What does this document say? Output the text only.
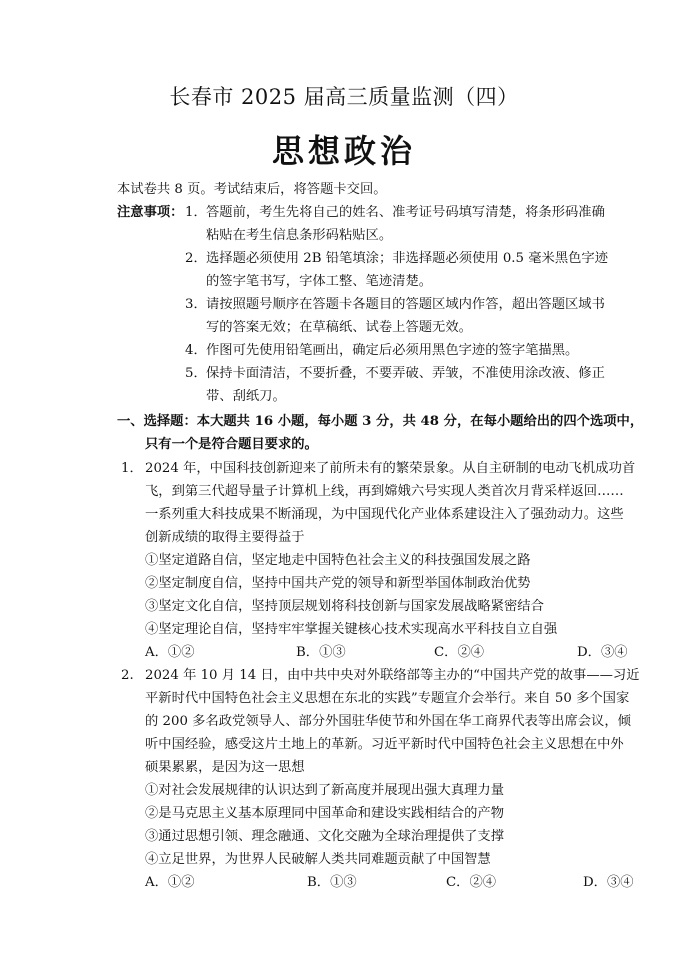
长春市 2025 届高三质量监测（四）
思想政治
本试卷共 8 页。考试结束后，将答题卡交回。
注意事项： 1． 答题前，考生先将自己的姓名、准考证号码填写清楚，将条形码准确
粘贴在考生信息条形码粘贴区。
2． 选择题必须使用 2B 铅笔填涂；非选择题必须使用 0.5 毫米黑色字迹
的签字笔书写，字体工整、笔迹清楚。
3． 请按照题号顺序在答题卡各题目的答题区域内作答，超出答题区域书
写的答案无效；在草稿纸、试卷上答题无效。
4． 作图可先使用铅笔画出，确定后必须用黑色字迹的签字笔描黑。
5． 保持卡面清洁，不要折叠，不要弄破、弄皱，不准使用涂改液、修正
带、刮纸刀。
一、选择题：本大题共 16 小题，每小题 3 分，共 48 分，在每小题给出的四个选项中，
只有一个是符合题目要求的。
1． 2024 年，中国科技创新迎来了前所未有的繁荣景象。从自主研制的电动飞机成功首
飞，到第三代超导量子计算机上线，再到嫦娥六号实现人类首次月背采样返回……
一系列重大科技成果不断涌现，为中国现代化产业体系建设注入了强劲动力。这些
创新成绩的取得主要得益于
①坚定道路自信，坚定地走中国特色社会主义的科技强国发展之路
②坚定制度自信，坚持中国共产党的领导和新型举国体制政治优势
③坚定文化自信，坚持顶层规划将科技创新与国家发展战略紧密结合
④坚定理论自信，坚持牢牢掌握关键核心技术实现高水平科技自立自强
A．①②	B．①③	C．②④	D．③④
2. 2024 年 10 月 14 日，由中共中央对外联络部等主办的“中国共产党的故事——习近
平新时代中国特色社会主义思想在东北的实践”专题宣介会举行。来自 50 多个国家
的 200 多名政党领导人、部分外国驻华使节和外国在华工商界代表等出席会议，倾
听中国经验，感受这片土地上的革新。习近平新时代中国特色社会主义思想在中外
硕果累累，是因为这一思想
①对社会发展规律的认识达到了新高度并展现出强大真理力量
②是马克思主义基本原理同中国革命和建设实践相结合的产物
③通过思想引领、理念融通、文化交融为全球治理提供了支撑
④立足世界，为世界人民破解人类共同难题贡献了中国智慧
A．①②	B．①③	C．②④	D．③④
